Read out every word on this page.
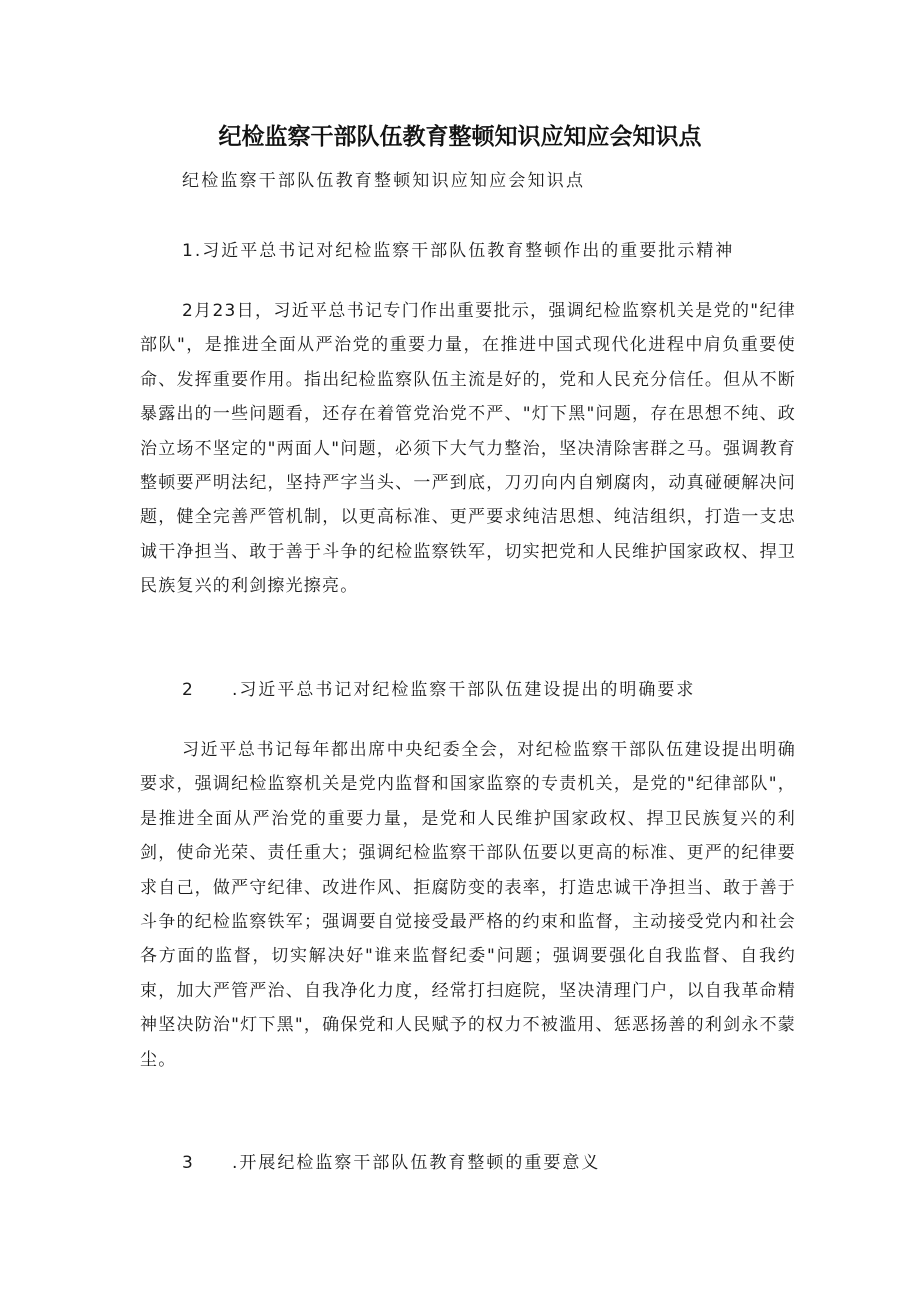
纪检监察干部队伍教育整顿知识应知应会知识点

纪检监察干部队伍教育整顿知识应知应会知识点

1.习近平总书记对纪检监察干部队伍教育整顿作出的重要批示精神

2月23日，习近平总书记专门作出重要批示，强调纪检监察机关是党的"纪律部队"，是推进全面从严治党的重要力量，在推进中国式现代化进程中肩负重要使命、发挥重要作用。指出纪检监察队伍主流是好的，党和人民充分信任。但从不断暴露出的一些问题看，还存在着管党治党不严、"灯下黑"问题，存在思想不纯、政治立场不坚定的"两面人"问题，必须下大气力整治，坚决清除害群之马。强调教育整顿要严明法纪，坚持严字当头、一严到底，刀刃向内自剜腐肉，动真碰硬解决问题，健全完善严管机制，以更高标准、更严要求纯洁思想、纯洁组织，打造一支忠诚干净担当、敢于善于斗争的纪检监察铁军，切实把党和人民维护国家政权、捍卫民族复兴的利剑擦光擦亮。

2 .习近平总书记对纪检监察干部队伍建设提出的明确要求

习近平总书记每年都出席中央纪委全会，对纪检监察干部队伍建设提出明确要求，强调纪检监察机关是党内监督和国家监察的专责机关，是党的"纪律部队"，是推进全面从严治党的重要力量，是党和人民维护国家政权、捍卫民族复兴的利剑，使命光荣、责任重大；强调纪检监察干部队伍要以更高的标准、更严的纪律要求自己，做严守纪律、改进作风、拒腐防变的表率，打造忠诚干净担当、敢于善于斗争的纪检监察铁军；强调要自觉接受最严格的约束和监督，主动接受党内和社会各方面的监督，切实解决好"谁来监督纪委"问题；强调要强化自我监督、自我约束，加大严管严治、自我净化力度，经常打扫庭院，坚决清理门户，以自我革命精神坚决防治"灯下黑"，确保党和人民赋予的权力不被滥用、惩恶扬善的利剑永不蒙尘。

3 .开展纪检监察干部队伍教育整顿的重要意义
